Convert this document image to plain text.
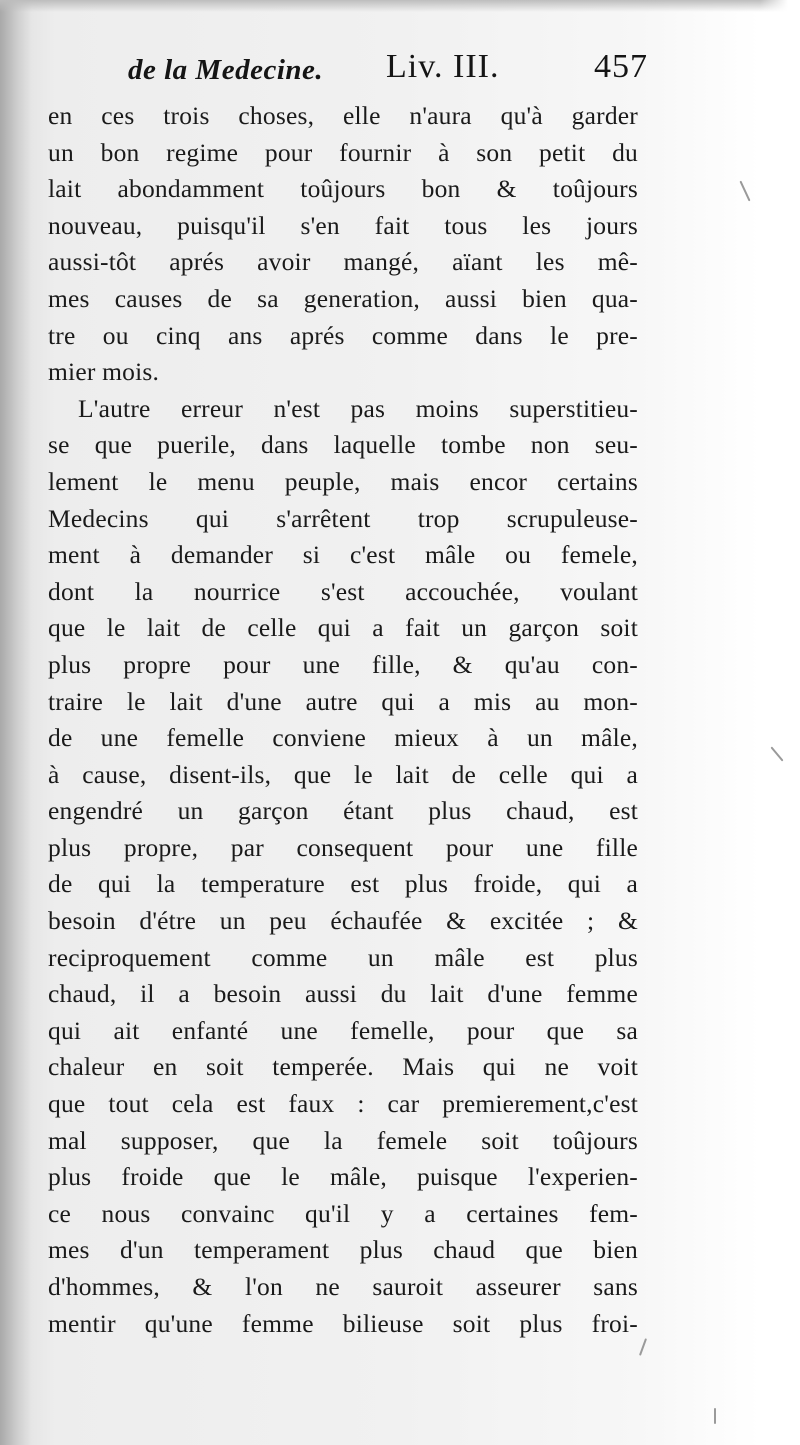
de la Medecine. Liv. III.	457
en ces trois choses, elle n'aura qu'à garder
un bon regime pour fournir à son petit du
lait abondamment toûjours bon & toûjours
nouveau, puisqu'il s'en fait tous les jours
aussi-tôt aprés avoir mangé, aïant les mê-
mes causes de sa generation, aussi bien qua-
tre ou cinq ans aprés comme dans le pre-
mier mois.
L'autre erreur n'est pas moins superstitieu-
se que puerile, dans laquelle tombe non seu-
lement le menu peuple, mais encor certains
Medecins qui s'arrêtent trop scrupuleuse-
ment à demander si c'est mâle ou femele,
dont la nourrice s'est accouchée, voulant
que le lait de celle qui a fait un garçon soit
plus propre pour une fille, & qu'au con-
traire le lait d'une autre qui a mis au mon-
de une femelle conviene mieux à un mâle,
à cause, disent-ils, que le lait de celle qui a
engendré un garçon étant plus chaud, est
plus propre, par consequent pour une fille
de qui la temperature est plus froide, qui a
besoin d'étre un peu échaufée & excitée ; &
reciproquement comme un mâle est plus
chaud, il a besoin aussi du lait d'une femme
qui ait enfanté une femelle, pour que sa
chaleur en soit temperée. Mais qui ne voit
que tout cela est faux : car premierement,c'est
mal supposer, que la femele soit toûjours
plus froide que le mâle, puisque l'experien-
ce nous convainc qu'il y a certaines fem-
mes d'un temperament plus chaud que bien
d'hommes, & l'on ne sauroit asseurer sans
mentir qu'une femme bilieuse soit plus froi-
